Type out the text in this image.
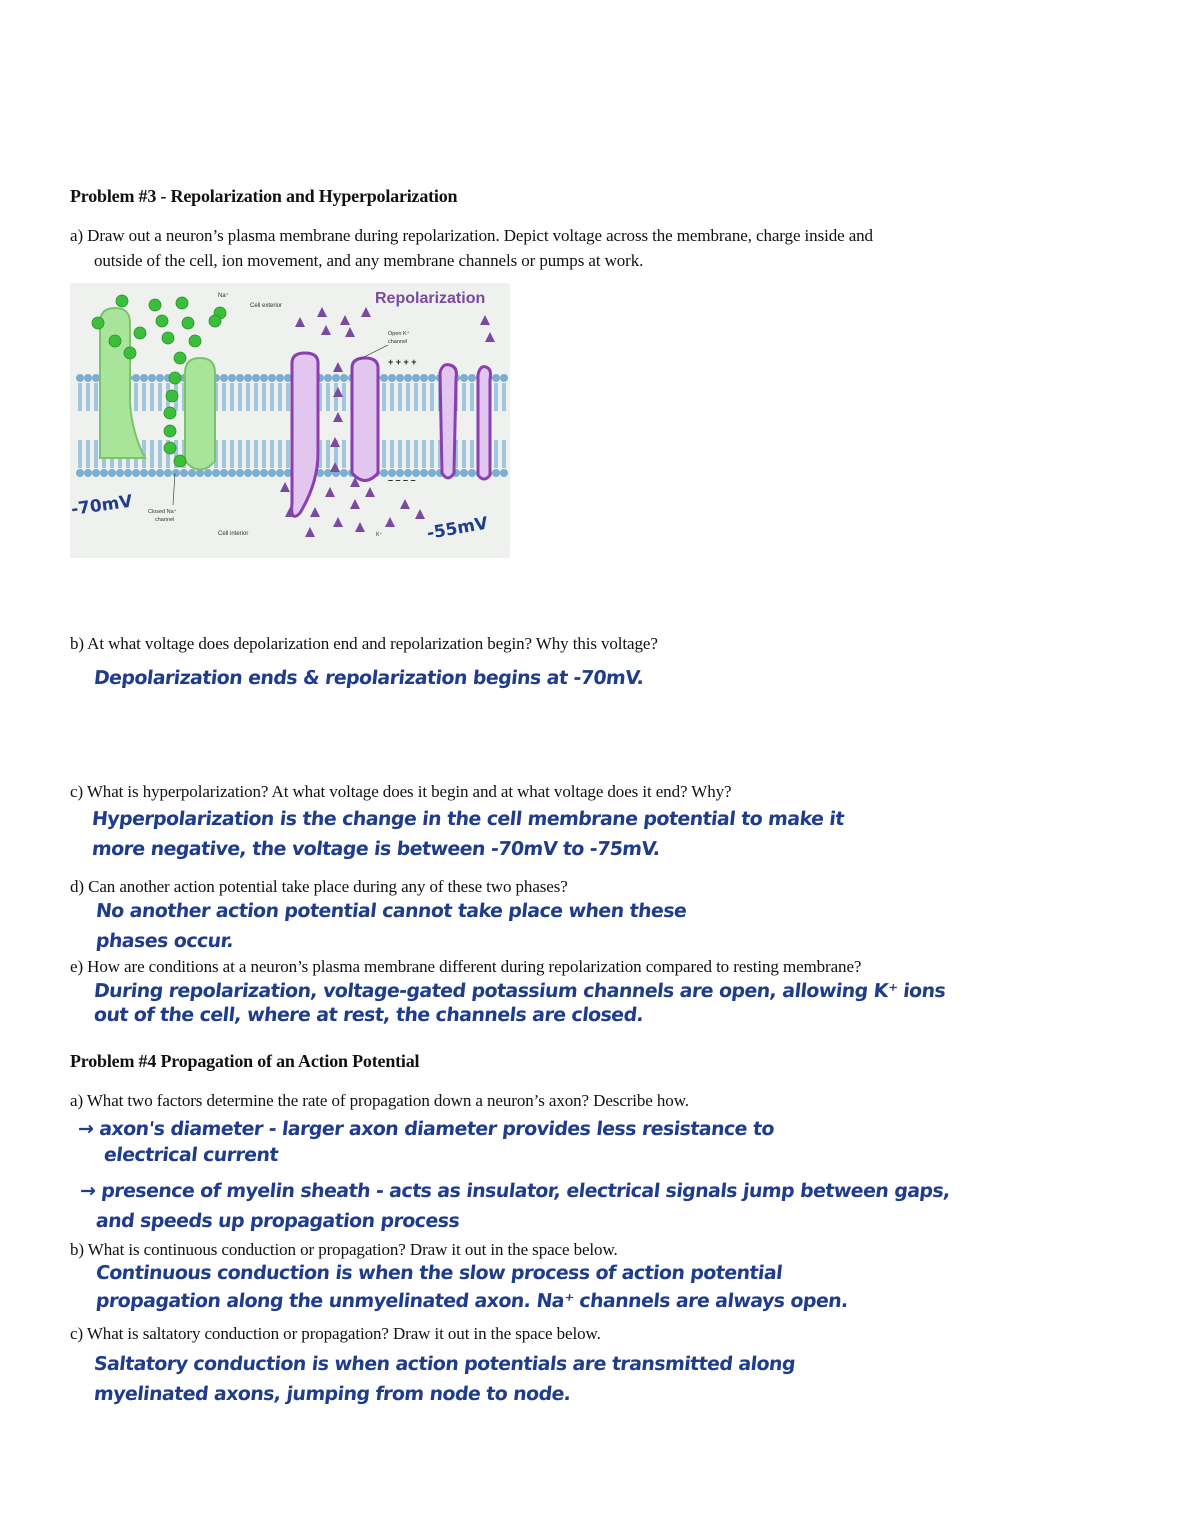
Problem #3 - Repolarization and Hyperpolarization
a) Draw out a neuron’s plasma membrane during repolarization. Depict voltage across the membrane, charge inside and
outside of the cell, ion movement, and any membrane channels or pumps at work.
Repolarization
Na⁺
Cell exterior
Cell interior
Open K⁺
channel
Closed Na⁺
channel
K⁺
+ + + +
– – – –
-70mV
-55mV
b) At what voltage does depolarization end and repolarization begin? Why this voltage?
Depolarization ends & repolarization begins at -70mV.
c) What is hyperpolarization? At what voltage does it begin and at what voltage does it end? Why?
Hyperpolarization is the change in the cell membrane potential to make it
more negative, the voltage is between -70mV to -75mV.
d) Can another action potential take place during any of these two phases?
No another action potential cannot take place when these
phases occur.
e) How are conditions at a neuron’s plasma membrane different during repolarization compared to resting membrane?
During repolarization, voltage-gated potassium channels are open, allowing K⁺ ions
out of the cell, where at rest, the channels are closed.
Problem #4 Propagation of an Action Potential
a) What two factors determine the rate of propagation down a neuron’s axon? Describe how.
→ axon's diameter - larger axon diameter provides less resistance to
electrical current
→ presence of myelin sheath - acts as insulator, electrical signals jump between gaps,
and speeds up propagation process
b) What is continuous conduction or propagation? Draw it out in the space below.
Continuous conduction is when the slow process of action potential
propagation along the unmyelinated axon. Na⁺ channels are always open.
c) What is saltatory conduction or propagation? Draw it out in the space below.
Saltatory conduction is when action potentials are transmitted along
myelinated axons, jumping from node to node.
